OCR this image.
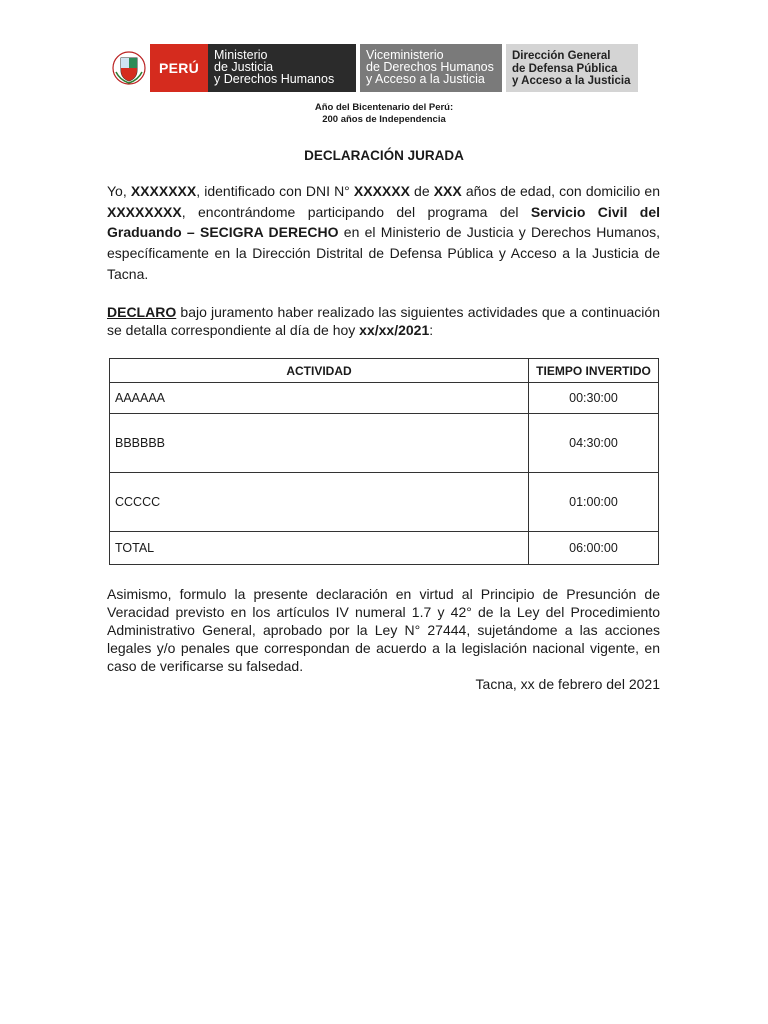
PERÚ
Ministerio
de Justicia
y Derechos Humanos
Viceministerio
de Derechos Humanos
y Acceso a la Justicia
Dirección General
de Defensa Pública
y Acceso a la Justicia
Año del Bicentenario del Perú:
200 años de Independencia
DECLARACIÓN JURADA
Yo, XXXXXXX, identificado con DNI N° XXXXXX de XXX años de edad, con domicilio en XXXXXXXX, encontrándome participando del programa del Servicio Civil del Graduando – SECIGRA DERECHO en el Ministerio de Justicia y Derechos Humanos, específicamente en la Dirección Distrital de Defensa Pública y Acceso a la Justicia de Tacna.
DECLARO bajo juramento haber realizado las siguientes actividades que a continuación se detalla correspondiente al día de hoy xx/xx/2021:
ACTIVIDAD	TIEMPO INVERTIDO
AAAAAA	00:30:00
BBBBBB	04:30:00
CCCCC	01:00:00
TOTAL	06:00:00
Asimismo, formulo la presente declaración en virtud al Principio de Presunción de Veracidad previsto en los artículos IV numeral 1.7 y 42° de la Ley del Procedimiento Administrativo General, aprobado por la Ley N° 27444, sujetándome a las acciones legales y/o penales que correspondan de acuerdo a la legislación nacional vigente, en caso de verificarse su falsedad.
Tacna, xx de febrero del 2021
